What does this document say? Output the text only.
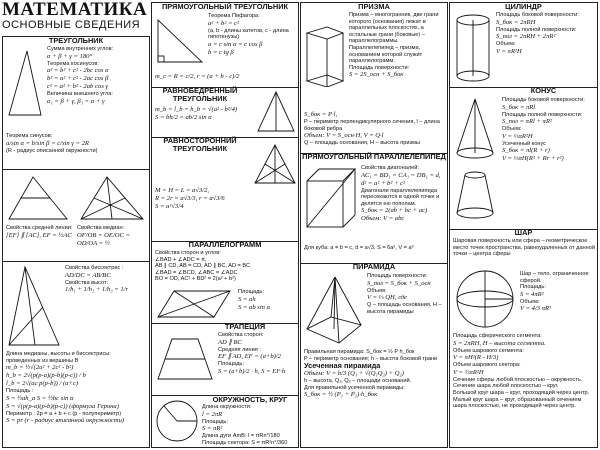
МАТЕМАТИКА
ОСНОВНЫЕ СВЕДЕНИЯ
ТРЕУГОЛЬНИК
Сумма внутренних углов:
α + β + γ = 180°
Теорема косинусов:
a² = b² + c² - 2bc cos α
b² = a² + c² - 2ac cos β
c² = a² + b² - 2ab cos γ
Величина внешнего угла:
α₁ = β + γ, β₁ = α + γ
Теорема синусов:
a/sin α = b/sin β = c/sin γ = 2R
(R - радиус описанной окружности)
Свойства средней линии:
[EF] ∥ [AC], EF = ½AC
Свойства медиан:
OF/OB = OE/OC = OD/OA = ½
Свойства биссектрис :
AD/DC = AB/BC
Свойства высот:
1/h₁ + 1/h₂ + 1/h₃ = 1/r
Длина медианы, высоты и биссектрисы:
проведенных из вершины B
m_b = ½√(2a² + 2c² - b²)
h_b = 2√(p(p-a)(p-b)(p-c)) / b
l_b = 2√(ac p(p-b)) / (a+c)
Площадь :
S = ½ah_a S = ½bc sin α
S = √(p(p-a)(p-b)(p-c)) (формула Герона)
Периметр : 2p = a + b + c (p - полупериметр)
S = pr (r - радиус вписанной окружности)
ПРЯМОУГОЛЬНЫЙ ТРЕУГОЛЬНИК
Теорема Пифагора:
a² + b² = c²
(a, b - длины катетов, c - длина гипотенузы)
a = c sin α = c cos β
b = c tg β
m_c = R = c/2, r = (a + b - c)/2
РАВНОБЕДРЕННЫЙ ТРЕУГОЛЬНИК
m_b = l_b = h_b = √(a² - b²/4)
S = bh/2 = ab/2 sin α
РАВНОСТОРОННИЙ ТРЕУГОЛЬНИК
M = H = L = a√3/2,
R = 2r = a√3/3, r = a√3/6
S = a²√3/4
ПАРАЛЛЕЛОГРАММ
Свойства сторон и углов:
∠BAD + ∠ADC = π,
AB ∥ CD, AB = CD, AD ∥ BC, AD = BC
∠BAD = ∠BCD, ∠ABC = ∠ADC
BO = OD, AC² + BD² = 2(a² + b²)
Площадь:
S = ah
S = ab sin α
ТРАПЕЦИЯ
Свойства сторон:
AD ∥ BC
Средняя линия :
EF ∥ AD, EF = (a+b)/2
Площадь:
S = (a+b)/2 · h, S = EF·h
ОКРУЖНОСТЬ, КРУГ
Длина окружности:
l = 2πR
Площадь:
S = πR²
Длина дуги AmB: l = πRn°/180
Площадь сектора: S = πR²n°/360
ПРИЗМА
Призма – многогранник, две грани которого (основания) лежат в параллельных плоскостях, а остальные грани (боковые) – параллелограммы.
Параллелепипед – призма, основанием которой служит параллелограмм.
Площадь поверхности:
S = 2S_осн + S_бок
S_бок = P·l,
P – периметр перпендикулярного сечения, l – длина боковой ребра
Объем: V = S_осн·H, V = Q·l
Q – площадь основания, H – высота призмы
ПРЯМОУГОЛЬНЫЙ ПАРАЛЛЕЛЕПИПЕД
Свойства диагоналей:
AC₁ = BD₁ = CA₁ = DB₁ = d,
d² = a² + b² + c²
Диагонали параллелепипеда пересекаются в одной точке и делятся ею пополам.
S_бок = 2(ab + bc + ac)
Объем: V = abc
Для куба: a = b = c, d = a√3, S = 6a², V = a³
ПИРАМИДА
Площадь поверхности:
S_пол = S_бок + S_осн
Объем:
V = ⅓ QH, где
Q – площадь основания, H – высота пирамиды
Правильная пирамида: S_бок = ½ P h_бок
P – периметр основания; h – высота боковой грани
Усеченная пирамида
Объем: V = h/3 (Q₁ + √(Q₁Q₂) + Q₂)
h – высота, Q₁, Q₂ – площади оснований.
Для правильной усеченной пирамиды:
S_бок = ½ (P₁ + P₂)·h_бок
ЦИЛИНДР
Площадь боковой поверхности:
S_бок = 2πRH
Площадь полной поверхности:
S_пол = 2πRH + 2πR²
Объем:
V = πR²H
КОНУС
Площадь боковой поверхности:
S_бок = πRl
Площадь полной поверхности:
S_пол = πRl + πR²
Объем:
V = ⅓πR²H
Усеченный конус
S_бок = πl(R + r)
V = ⅓πH(R² + Rr + r²)
ШАР
Шаровая поверхность или сфера – геометрическое место точек пространства, равноудаленных от данной точки – центра сферы
Шар – тело, ограниченное сферой.
Площадь:
S = 4πR²
Объем:
V = 4/3 πR³
Площадь сферического сегмента:
S = 2πRH, H – высота сегмента.
Объем шарового сегмента:
V = πH²(R - H/3)
Объем шарового сектора:
V = ⅔πR²H
Сечение сферы любой плоскостью – окружность.
Сечение шара любой плоскостью – круг.
Большой круг шара – круг, проходящий через центр.
Малый круг шара – круг, образованный сечением шара плоскостью, не проходящей через центр.
